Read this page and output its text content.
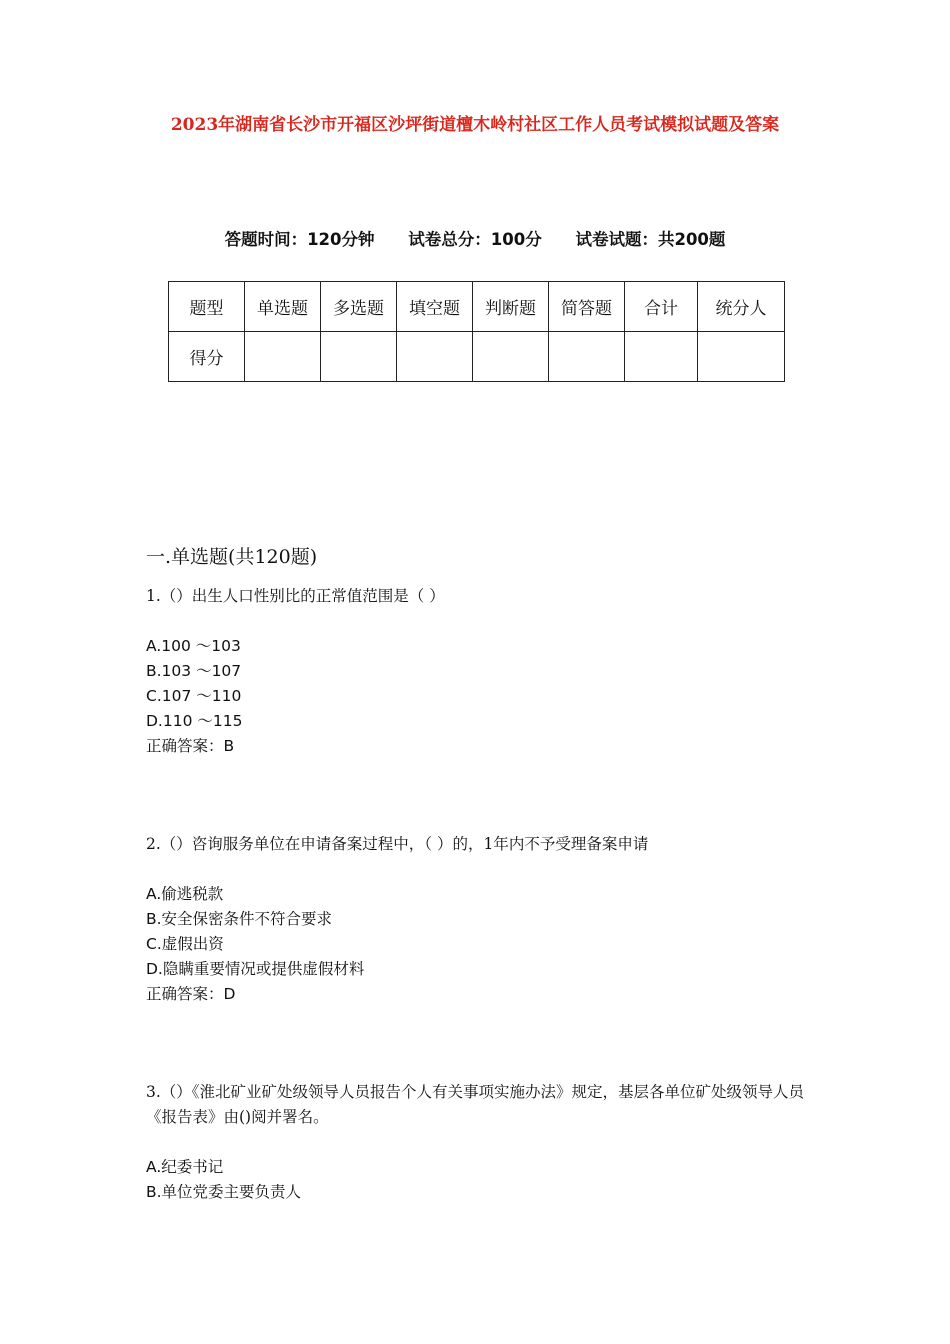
2023年湖南省长沙市开福区沙坪街道檀木岭村社区工作人员考试模拟试题及答案
答题时间：120分钟 试卷总分：100分 试卷试题：共200题
题型	单选题	多选题	填空题	判断题	简答题	合计	统分人
得分							
一.单选题(共120题)
1.（）出生人口性别比的正常值范围是（ ）
A.100 ～103
B.103 ～107
C.107 ～110
D.110 ～115
正确答案：B
2.（）咨询服务单位在申请备案过程中，（ ）的，1年内不予受理备案申请
A.偷逃税款
B.安全保密条件不符合要求
C.虚假出资
D.隐瞒重要情况或提供虚假材料
正确答案：D
3.（）《淮北矿业矿处级领导人员报告个人有关事项实施办法》规定，基层各单位矿处级领导人员《报告表》由()阅并署名。
A.纪委书记
B.单位党委主要负责人
